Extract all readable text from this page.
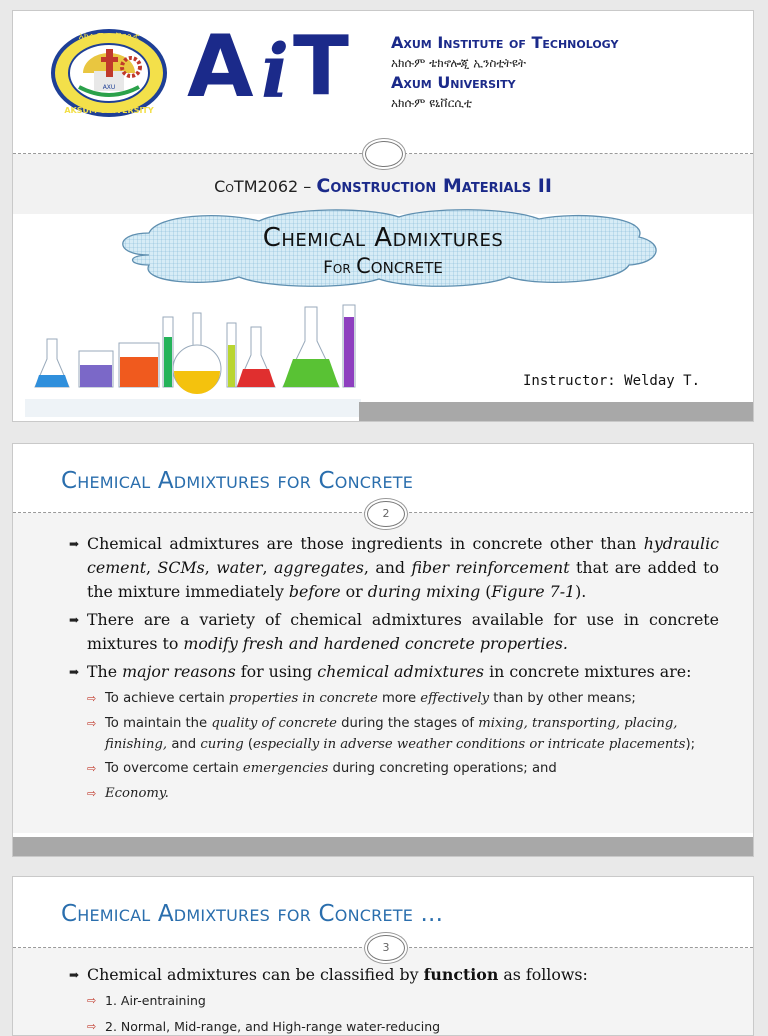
አክሱም ዩኒቨርሲቲ
AKSUM UNIVERSITY
AXU A i T	Axum Institute of Technology
አክሱም ቴክኖሎጂ ኢንስቲትዩት
Axum University
አክሱም ዩኒቨርሲቲ
CoTM2062 – Construction Materials II
Chemical Admixtures
For Concrete
Instructor: Welday T.
Chemical Admixtures for Concrete
2
➡ Chemical admixtures are those ingredients in concrete other than hydraulic cement, SCMs, water, aggregates, and fiber reinforcement that are added to the mixture immediately before or during mixing (Figure 7-1).
➡ There are a variety of chemical admixtures available for use in concrete mixtures to modify fresh and hardened concrete properties.
➡ The major reasons for using chemical admixtures in concrete mixtures are:
⇨ To achieve certain properties in concrete more effectively than by other means;
⇨ To maintain the quality of concrete during the stages of mixing, transporting, placing, finishing, and curing (especially in adverse weather conditions or intricate placements);
⇨ To overcome certain emergencies during concreting operations; and
⇨ Economy.
Chemical Admixtures for Concrete ...
3
➡ Chemical admixtures can be classified by function as follows:
⇨ 1. Air-entraining
⇨ 2. Normal, Mid-range, and High-range water-reducing
